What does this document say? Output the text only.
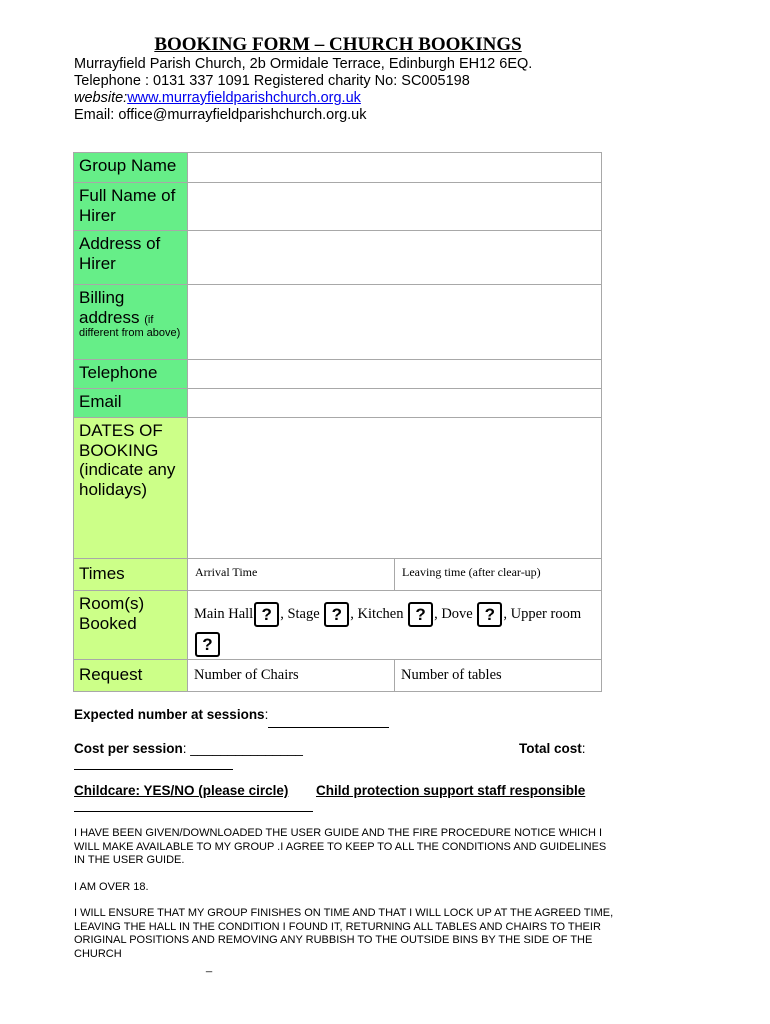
BOOKING FORM – CHURCH BOOKINGS
Murrayfield Parish Church, 2b Ormidale Terrace, Edinburgh EH12 6EQ.
Telephone : 0131 337 1091 Registered charity No: SC005198
website:www.murrayfieldparishchurch.org.uk
Email: office@murrayfieldparishchurch.org.uk
Group Name		
Full Name of Hirer		
Address of Hirer		
Billing address (if
different from above)		

Telephone		
Email		
DATES OF BOOKING (indicate any holidays)		
Times	Arrival Time	Leaving time (after clear-up)
Room(s) Booked	Main Hall ? , Stage ? , Kitchen ? , Dove ? , Upper room ?	

Request	Number of Chairs	Number of tables
Expected number at sessions:
Cost per session: _______________	Total cost:
Childcare: YES/NO (please circle) Child protection support staff responsible
I HAVE BEEN GIVEN/DOWNLOADED THE USER GUIDE AND THE FIRE PROCEDURE NOTICE WHICH I WILL MAKE AVAILABLE TO MY GROUP .I AGREE TO KEEP TO ALL THE CONDITIONS AND GUIDELINES IN THE USER GUIDE.
I AM OVER 18.
I WILL ENSURE THAT MY GROUP FINISHES ON TIME AND THAT I WILL LOCK UP AT THE AGREED TIME, LEAVING THE HALL IN THE CONDITION I FOUND IT, RETURNING ALL TABLES AND CHAIRS TO THEIR ORIGINAL POSITIONS AND REMOVING ANY RUBBISH TO THE OUTSIDE BINS BY THE SIDE OF THE CHURCH
_
